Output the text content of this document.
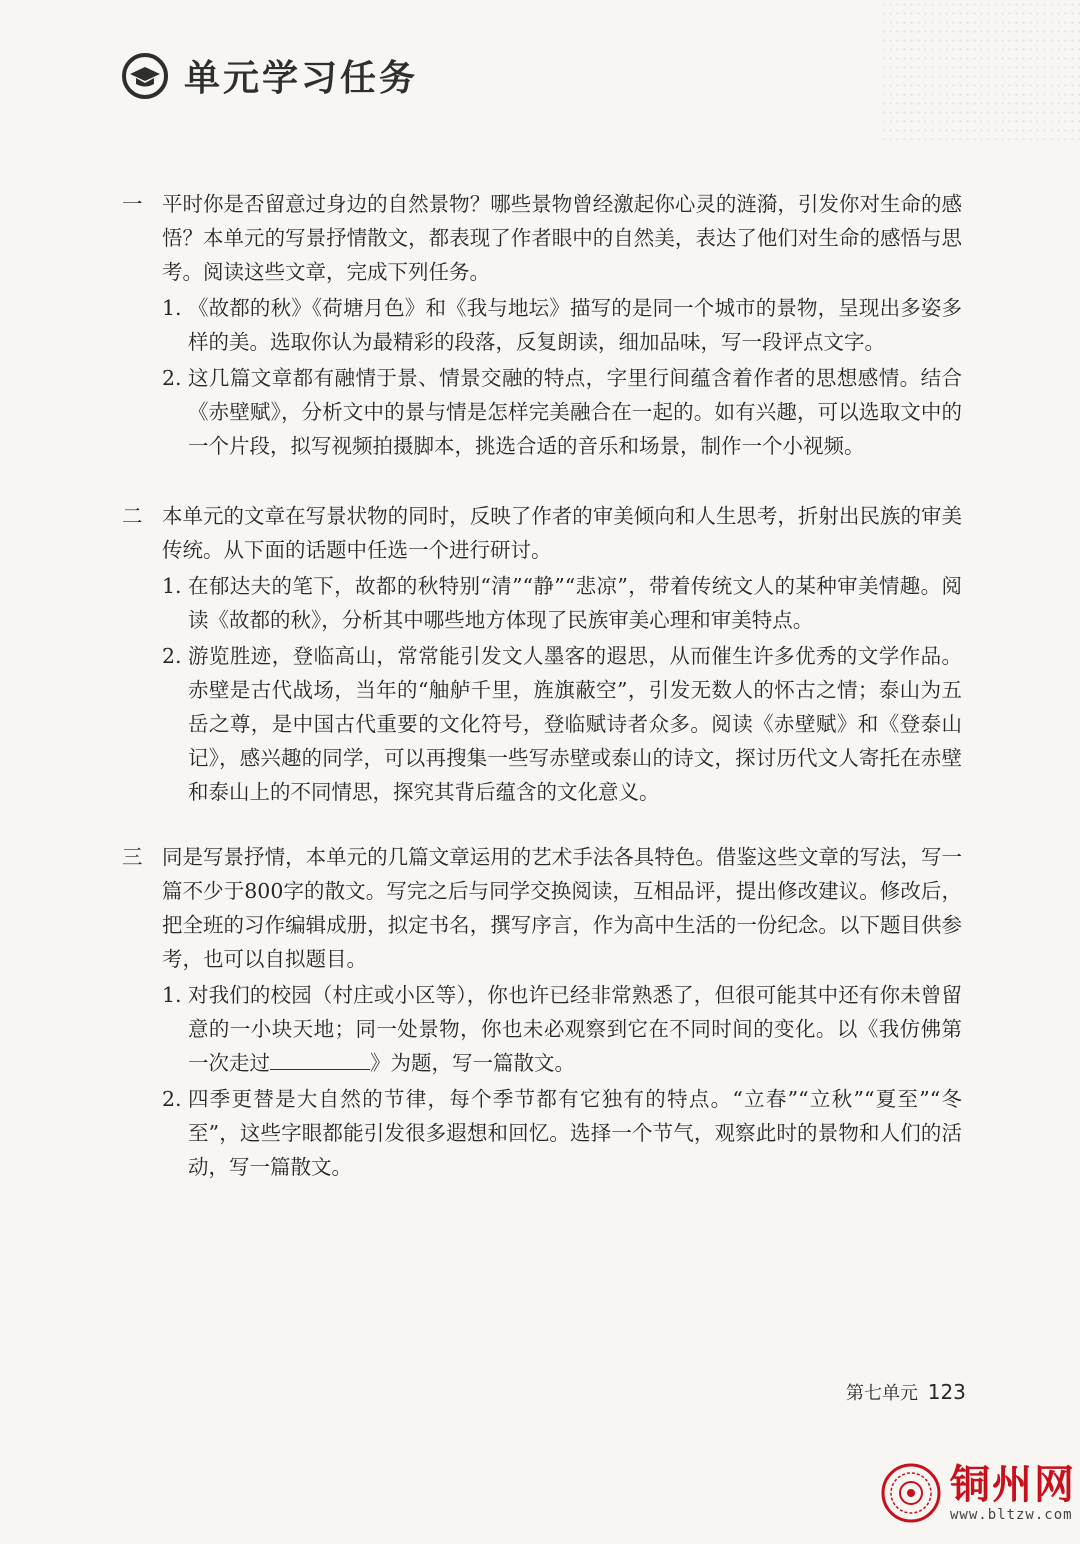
单元学习任务
一 平时你是否留意过身边的自然景物？哪些景物曾经激起你心灵的涟漪，引发你对生命的感悟？本单元的写景抒情散文，都表现了作者眼中的自然美，表达了他们对生命的感悟与思考。阅读这些文章，完成下列任务。
1. 《故都的秋》《荷塘月色》和《我与地坛》描写的是同一个城市的景物，呈现出多姿多样的美。选取你认为最精彩的段落，反复朗读，细加品味，写一段评点文字。
2. 这几篇文章都有融情于景、情景交融的特点，字里行间蕴含着作者的思想感情。结合《赤壁赋》，分析文中的景与情是怎样完美融合在一起的。如有兴趣，可以选取文中的一个片段，拟写视频拍摄脚本，挑选合适的音乐和场景，制作一个小视频。
二 本单元的文章在写景状物的同时，反映了作者的审美倾向和人生思考，折射出民族的审美传统。从下面的话题中任选一个进行研讨。
1. 在郁达夫的笔下，故都的秋特别“清”“静”“悲凉”，带着传统文人的某种审美情趣。阅读《故都的秋》，分析其中哪些地方体现了民族审美心理和审美特点。
2. 游览胜迹，登临高山，常常能引发文人墨客的遐思，从而催生许多优秀的文学作品。赤壁是古代战场，当年的“舳舻千里，旌旗蔽空”，引发无数人的怀古之情；泰山为五岳之尊，是中国古代重要的文化符号，登临赋诗者众多。阅读《赤壁赋》和《登泰山记》，感兴趣的同学，可以再搜集一些写赤壁或泰山的诗文，探讨历代文人寄托在赤壁和泰山上的不同情思，探究其背后蕴含的文化意义。
三 同是写景抒情，本单元的几篇文章运用的艺术手法各具特色。借鉴这些文章的写法，写一篇不少于800字的散文。写完之后与同学交换阅读，互相品评，提出修改建议。修改后，把全班的习作编辑成册，拟定书名，撰写序言，作为高中生活的一份纪念。以下题目供参考，也可以自拟题目。
1. 对我们的校园（村庄或小区等），你也许已经非常熟悉了，但很可能其中还有你未曾留意的一小块天地；同一处景物，你也未必观察到它在不同时间的变化。以《我仿佛第一次走过	》为题，写一篇散文。
2. 四季更替是大自然的节律，每个季节都有它独有的特点。“立春”“立秋”“夏至”“冬至”，这些字眼都能引发很多遐想和回忆。选择一个节气，观察此时的景物和人们的活动，写一篇散文。
第七单元 123
铜州网
www.bltzw.com
